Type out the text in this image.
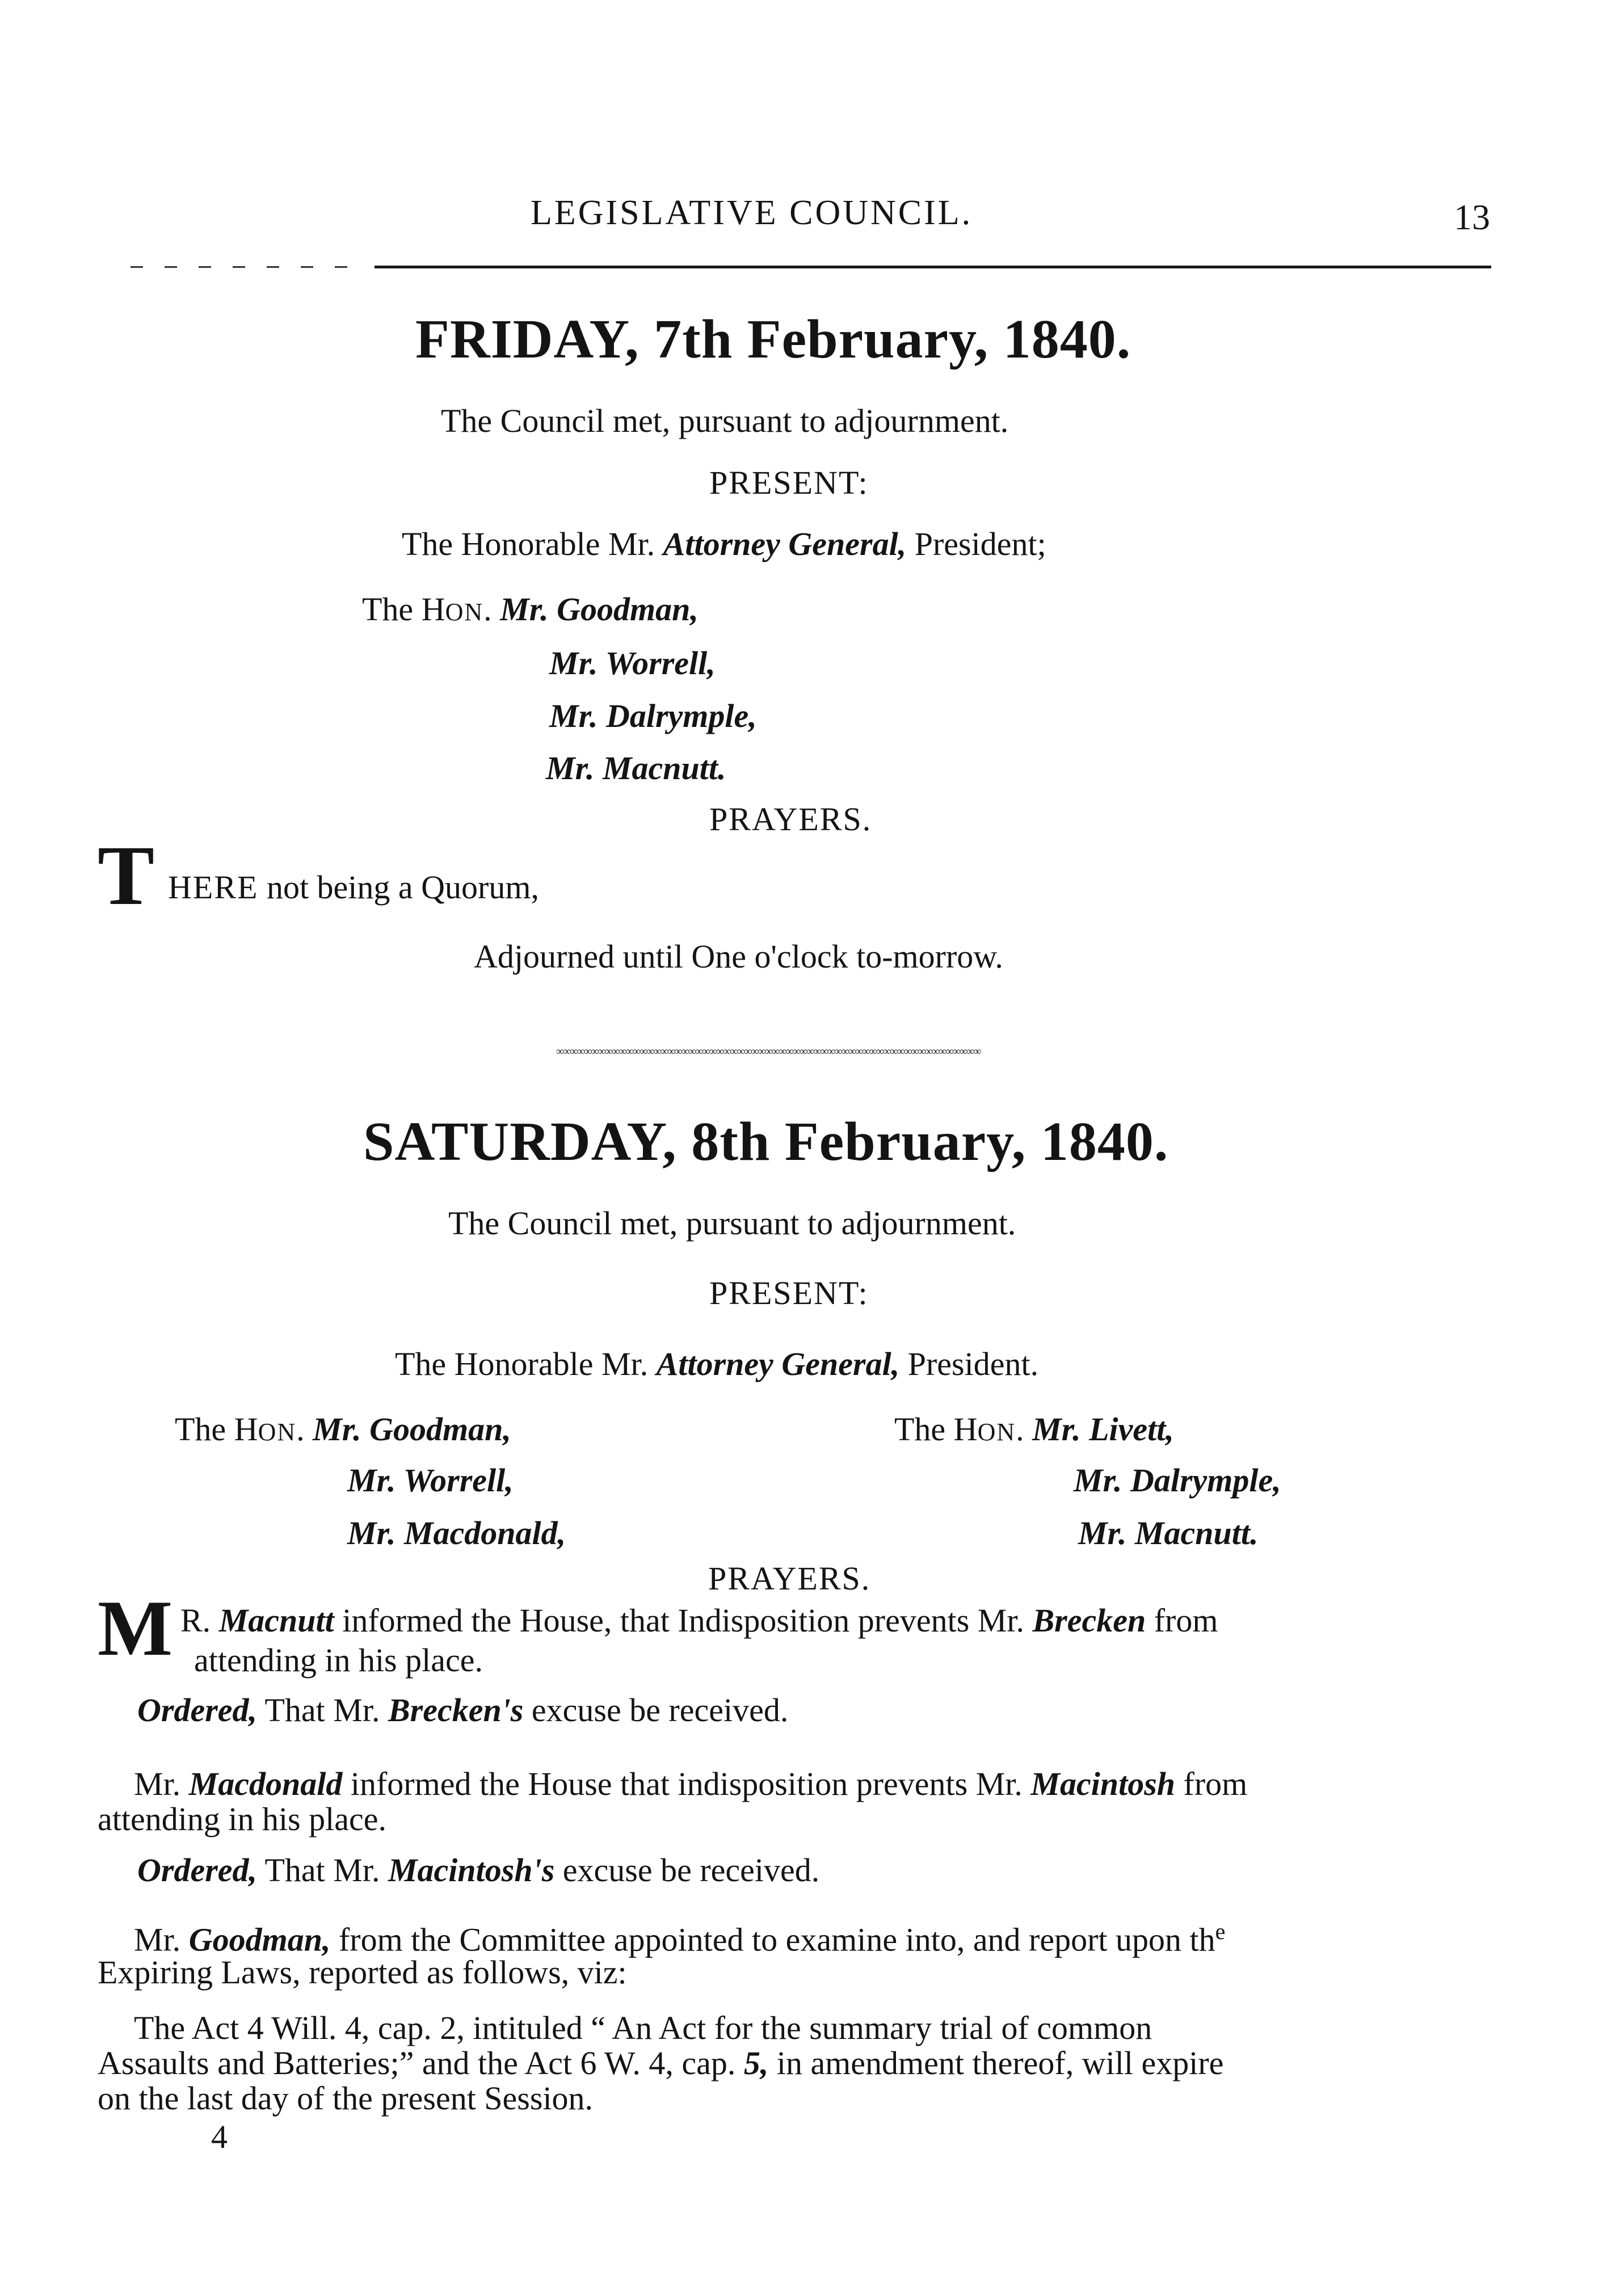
LEGISLATIVE COUNCIL.	13
FRIDAY, 7th February, 1840.
The Council met, pursuant to adjournment.
PRESENT:
The Honorable Mr. Attorney General, President;
The HON. Mr. Goodman,
Mr. Worrell,
Mr. Dalrymple,
Mr. Macnutt.
PRAYERS.
T HERE not being a Quorum,
Adjourned until One o'clock to-morrow.
∞∞∞∞∞∞∞∞∞∞∞∞∞∞∞∞∞∞∞∞∞∞∞∞∞∞∞∞∞∞∞∞∞∞∞∞∞∞∞∞∞∞∞∞∞∞∞∞∞∞∞∞∞∞∞∞∞∞∞∞∞
SATURDAY, 8th February, 1840.
The Council met, pursuant to adjournment.
PRESENT:
The Honorable Mr. Attorney General, President.
The HON. Mr. Goodman,
Mr. Worrell,
Mr. Macdonald,
The HON. Mr. Livett,
Mr. Dalrymple,
Mr. Macnutt.
PRAYERS.
M R. Macnutt informed the House, that Indisposition prevents Mr. Brecken from
attending in his place.
Ordered, That Mr. Brecken's excuse be received.
Mr. Macdonald informed the House that indisposition prevents Mr. Macintosh from
attending in his place.
Ordered, That Mr. Macintosh's excuse be received.
Mr. Goodman, from the Committee appointed to examine into, and report upon $th^e$
Expiring Laws, reported as follows, viz:
The Act 4 Will. 4, cap. 2, intituled “ An Act for the summary trial of common
Assaults and Batteries;” and the Act 6 W. 4, cap. 5, in amendment thereof, will expire
on the last day of the present Session.
4
